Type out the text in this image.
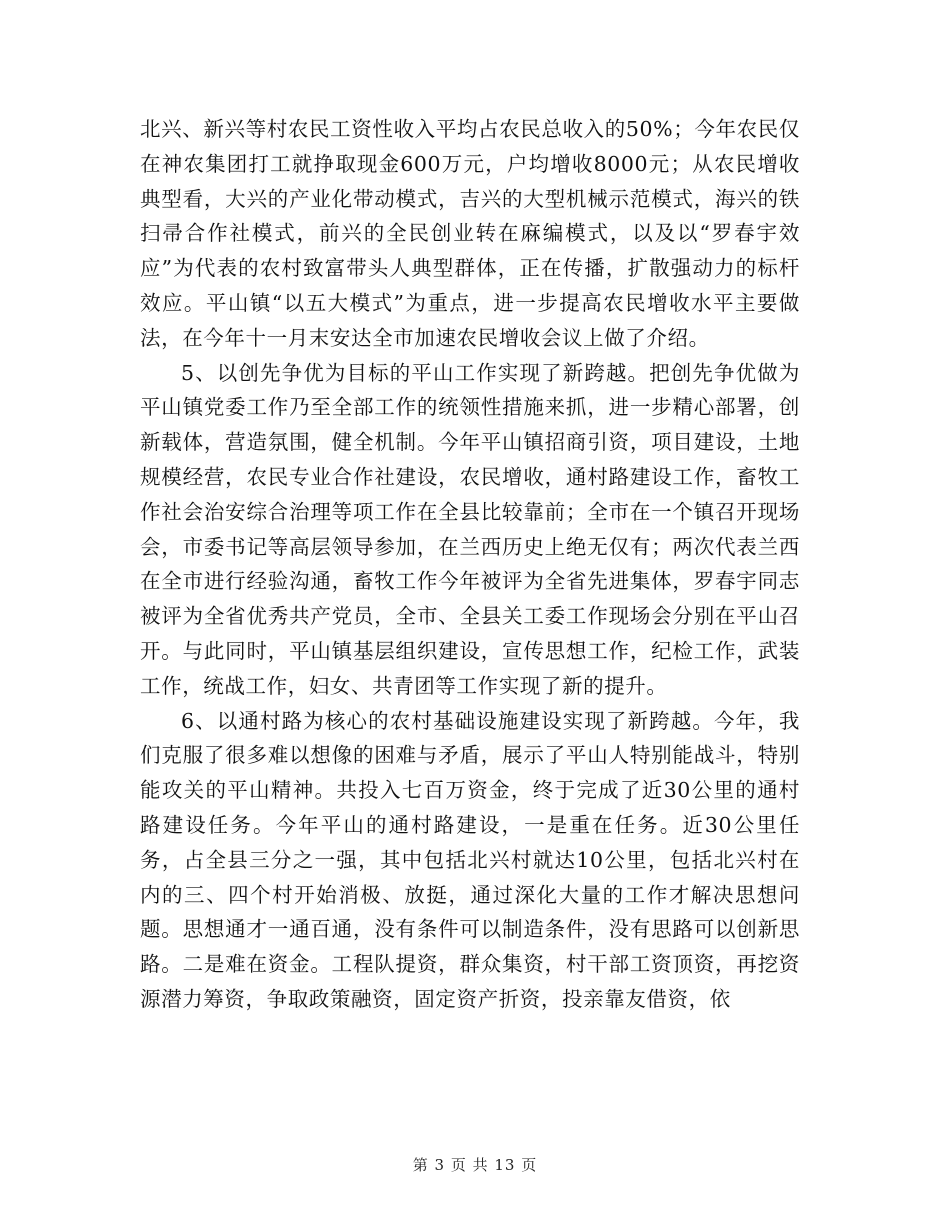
北兴、新兴等村农民工资性收入平均占农民总收入的50%；今年农民仅在神农集团打工就挣取现金600万元，户均增收8000元；从农民增收典型看，大兴的产业化带动模式，吉兴的大型机械示范模式，海兴的铁扫帚合作社模式，前兴的全民创业转在麻编模式，以及以“罗春宇效应”为代表的农村致富带头人典型群体，正在传播，扩散强动力的标杆效应。平山镇“以五大模式”为重点，进一步提高农民增收水平主要做法，在今年十一月末安达全市加速农民增收会议上做了介绍。

5、以创先争优为目标的平山工作实现了新跨越。把创先争优做为平山镇党委工作乃至全部工作的统领性措施来抓，进一步精心部署，创新载体，营造氛围，健全机制。今年平山镇招商引资，项目建设，土地规模经营，农民专业合作社建设，农民增收，通村路建设工作，畜牧工作社会治安综合治理等项工作在全县比较靠前；全市在一个镇召开现场会，市委书记等高层领导参加，在兰西历史上绝无仅有；两次代表兰西在全市进行经验沟通，畜牧工作今年被评为全省先进集体，罗春宇同志被评为全省优秀共产党员，全市、全县关工委工作现场会分别在平山召开。与此同时，平山镇基层组织建设，宣传思想工作，纪检工作，武装工作，统战工作，妇女、共青团等工作实现了新的提升。

6、以通村路为核心的农村基础设施建设实现了新跨越。今年，我们克服了很多难以想像的困难与矛盾，展示了平山人特别能战斗，特别能攻关的平山精神。共投入七百万资金，终于完成了近30公里的通村路建设任务。今年平山的通村路建设，一是重在任务。近30公里任务，占全县三分之一强，其中包括北兴村就达10公里，包括北兴村在内的三、四个村开始消极、放挺，通过深化大量的工作才解决思想问题。思想通才一通百通，没有条件可以制造条件，没有思路可以创新思路。二是难在资金。工程队提资，群众集资，村干部工资顶资，再挖资源潜力筹资，争取政策融资，固定资产折资，投亲靠友借资，依

第 3 页 共 13 页
